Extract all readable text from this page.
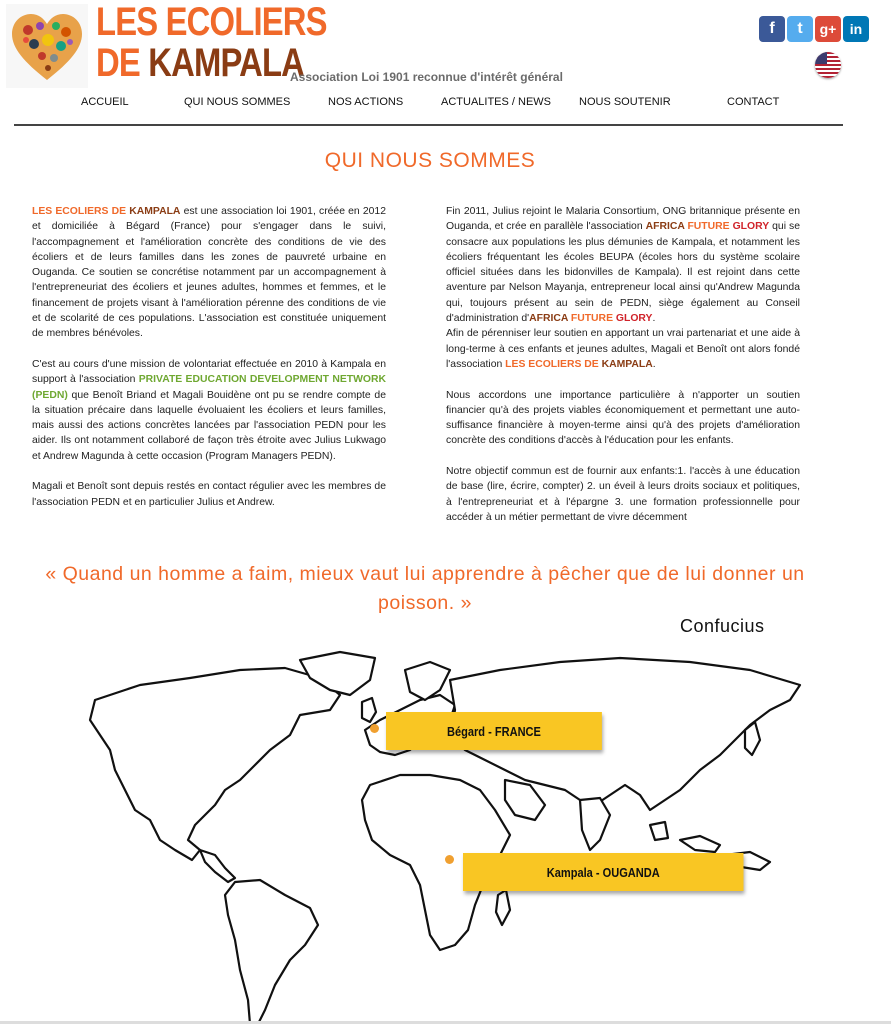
LES ECOLIERS
DE KAMPALA
Association Loi 1901 reconnue d'intérêt général
f	t	g+ in
ACCUEIL	QUI NOUS SOMMES	NOS ACTIONS	ACTUALITES / NEWS	NOUS SOUTENIR	CONTACT
QUI NOUS SOMMES

LES ECOLIERS DE KAMPALA est une association loi 1901, créée en 2012 et domiciliée à Bégard (France) pour s'engager dans le suivi, l'accompagnement et l'amélioration concrète des conditions de vie des écoliers et de leurs familles dans les zones de pauvreté urbaine en Ouganda. Ce soutien se concrétise notamment par un accompagnement à l'entrepreneuriat des écoliers et jeunes adultes, hommes et femmes, et le financement de projets visant à l'amélioration pérenne des conditions de vie et de scolarité de ces populations. L'association est constituée uniquement de membres bénévoles.

C'est au cours d'une mission de volontariat effectuée en 2010 à Kampala en support à l'association PRIVATE EDUCATION DEVELOPMENT NETWORK (PEDN) que Benoît Briand et Magali Bouidène ont pu se rendre compte de la situation précaire dans laquelle évoluaient les écoliers et leurs familles, mais aussi des actions concrètes lancées par l'association PEDN pour les aider. Ils ont notamment collaboré de façon très étroite avec Julius Lukwago et Andrew Magunda à cette occasion (Program Managers PEDN).

Magali et Benoît sont depuis restés en contact régulier avec les membres de l'association PEDN et en particulier Julius et Andrew.

Fin 2011, Julius rejoint le Malaria Consortium, ONG britannique présente en Ouganda, et crée en parallèle l'association AFRICA FUTURE GLORY qui se consacre aux populations les plus démunies de Kampala, et notamment les écoliers fréquentant les écoles BEUPA (écoles hors du système scolaire officiel situées dans les bidonvilles de Kampala). Il est rejoint dans cette aventure par Nelson Mayanja, entrepreneur local ainsi qu'Andrew Magunda qui, toujours présent au sein de PEDN, siège également au Conseil d'administration d'AFRICA FUTURE GLORY.

Afin de pérenniser leur soutien en apportant un vrai partenariat et une aide à long-terme à ces enfants et jeunes adultes, Magali et Benoît ont alors fondé l'association LES ECOLIERS DE KAMPALA.

Nous accordons une importance particulière à n'apporter un soutien financier qu'à des projets viables économiquement et permettant une auto-suffisance financière à moyen-terme ainsi qu'à des projets d'amélioration concrète des conditions d'accès à l'éducation pour les enfants.

Notre objectif commun est de fournir aux enfants:1. l'accès à une éducation de base (lire, écrire, compter) 2. un éveil à leurs droits sociaux et politiques, à l'entrepreneuriat et à l'épargne 3. une formation professionnelle pour accéder à un métier permettant de vivre décemment

« Quand un homme a faim, mieux vaut lui apprendre à pêcher que de lui donner un poisson. »
Confucius
Bégard - FRANCE
Kampala - OUGANDA
